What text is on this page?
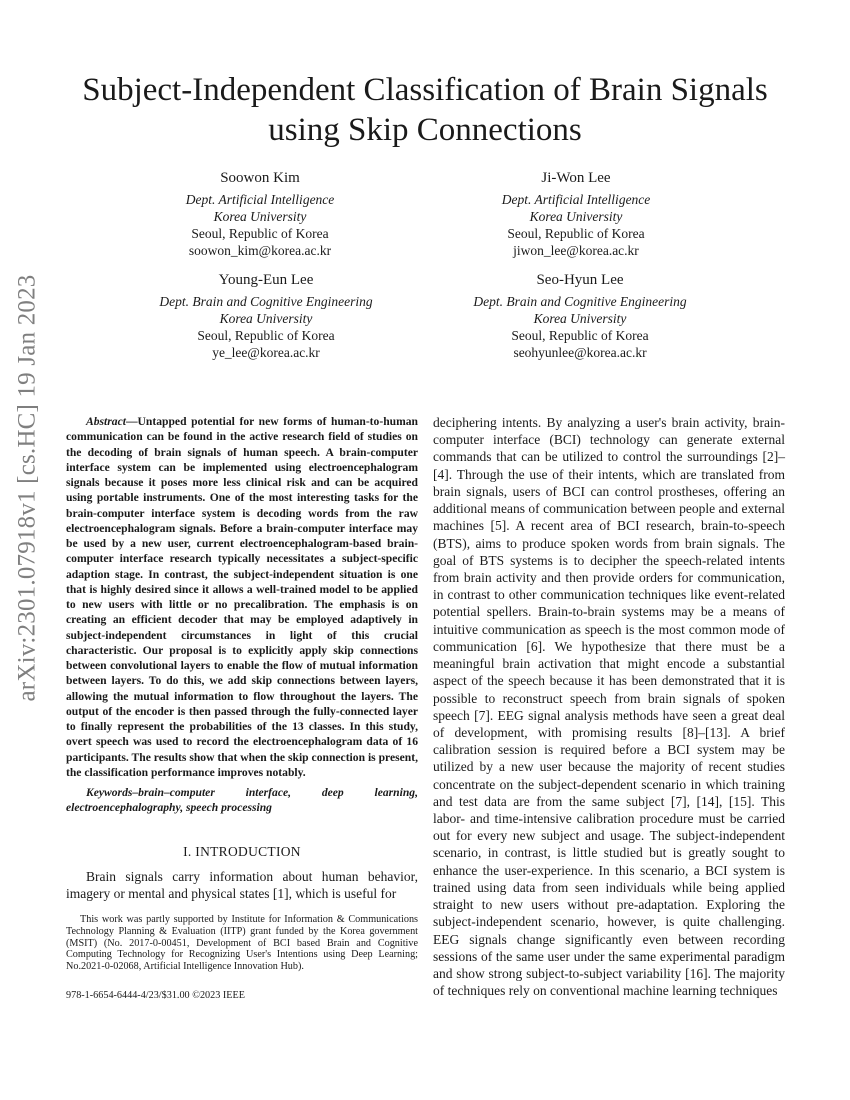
arXiv:2301.07918v1 [cs.HC] 19 Jan 2023
Subject-Independent Classification of Brain Signals
using Skip Connections
Soowon Kim
Dept. Artificial Intelligence
Korea University
Seoul, Republic of Korea
soowon_kim@korea.ac.kr
Ji-Won Lee
Dept. Artificial Intelligence
Korea University
Seoul, Republic of Korea
jiwon_lee@korea.ac.kr
Young-Eun Lee
Dept. Brain and Cognitive Engineering
Korea University
Seoul, Republic of Korea
ye_lee@korea.ac.kr
Seo-Hyun Lee
Dept. Brain and Cognitive Engineering
Korea University
Seoul, Republic of Korea
seohyunlee@korea.ac.kr

Abstract—Untapped potential for new forms of human-to-human communication can be found in the active research field of studies on the decoding of brain signals of human speech. A brain-computer interface system can be implemented using electroencephalogram signals because it poses more less clinical risk and can be acquired using portable instruments. One of the most interesting tasks for the brain-computer interface system is decoding words from the raw electroencephalogram signals. Before a brain-computer interface may be used by a new user, current electroencephalogram-based brain-computer interface research typically necessitates a subject-specific adaption stage. In contrast, the subject-independent situation is one that is highly desired since it allows a well-trained model to be applied to new users with little or no precalibration. The emphasis is on creating an efficient decoder that may be employed adaptively in subject-independent circumstances in light of this crucial characteristic. Our proposal is to explicitly apply skip connections between convolutional layers to enable the flow of mutual information between layers. To do this, we add skip connections between layers, allowing the mutual information to flow throughout the layers. The output of the encoder is then passed through the fully-connected layer to finally represent the probabilities of the 13 classes. In this study, overt speech was used to record the electroencephalogram data of 16 participants. The results show that when the skip connection is present, the classification performance improves notably.

Keywords–brain–computer interface, deep learning, electroencephalography, speech processing

I. INTRODUCTION

Brain signals carry information about human behavior, imagery or mental and physical states [1], which is useful for

This work was partly supported by Institute for Information & Communications Technology Planning & Evaluation (IITP) grant funded by the Korea government (MSIT) (No. 2017-0-00451, Development of BCI based Brain and Cognitive Computing Technology for Recognizing User's Intentions using Deep Learning; No.2021-0-02068, Artificial Intelligence Innovation Hub).

978-1-6654-6444-4/23/$31.00 ©2023 IEEE

deciphering intents. By analyzing a user's brain activity, brain-computer interface (BCI) technology can generate external commands that can be utilized to control the surroundings [2]–[4]. Through the use of their intents, which are translated from brain signals, users of BCI can control prostheses, offering an additional means of communication between people and external machines [5]. A recent area of BCI research, brain-to-speech (BTS), aims to produce spoken words from brain signals. The goal of BTS systems is to decipher the speech-related intents from brain activity and then provide orders for communication, in contrast to other communication techniques like event-related potential spellers. Brain-to-brain systems may be a means of intuitive communication as speech is the most common mode of communication [6]. We hypothesize that there must be a meaningful brain activation that might encode a substantial aspect of the speech because it has been demonstrated that it is possible to reconstruct speech from brain signals of spoken speech [7]. EEG signal analysis methods have seen a great deal of development, with promising results [8]–[13]. A brief calibration session is required before a BCI system may be utilized by a new user because the majority of recent studies concentrate on the subject-dependent scenario in which training and test data are from the same subject [7], [14], [15]. This labor- and time-intensive calibration procedure must be carried out for every new subject and usage. The subject-independent scenario, in contrast, is little studied but is greatly sought to enhance the user-experience. In this scenario, a BCI system is trained using data from seen individuals while being applied straight to new users without pre-adaptation. Exploring the subject-independent scenario, however, is quite challenging. EEG signals change significantly even between recording sessions of the same user under the same experimental paradigm and show strong subject-to-subject variability [16]. The majority of techniques rely on conventional machine learning techniques
